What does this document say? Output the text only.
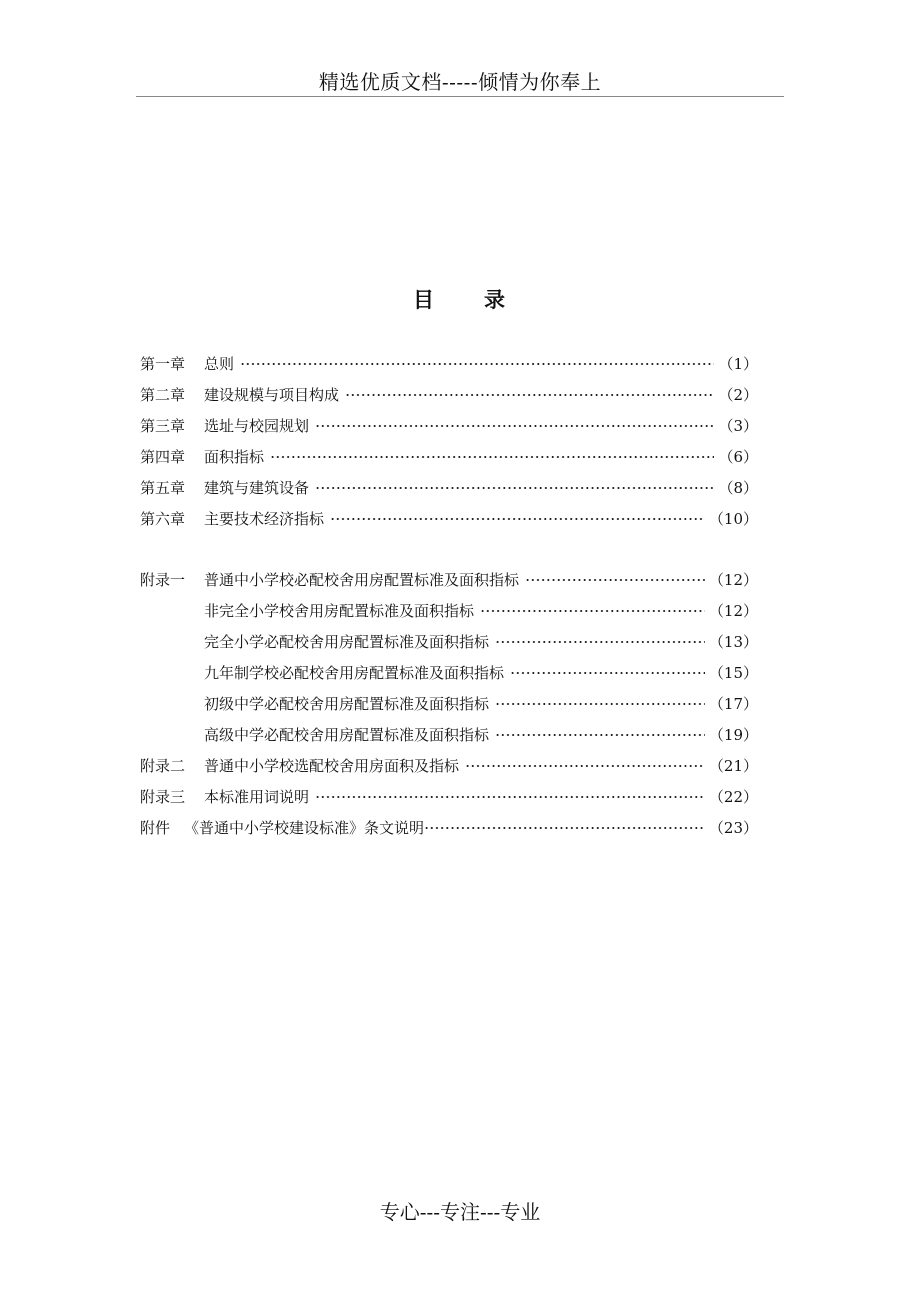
精选优质文档-----倾情为你奉上
目 录
第一章	总则	（1）
第二章	建设规模与项目构成	（2）
第三章	选址与校园规划	（3）
第四章	面积指标	（6）
第五章	建筑与建筑设备	（8）
第六章	主要技术经济指标	（10）
附录一	普通中小学校必配校舍用房配置标准及面积指标	（12）
非完全小学校舍用房配置标准及面积指标	（12）
完全小学必配校舍用房配置标准及面积指标	（13）
九年制学校必配校舍用房配置标准及面积指标	（15）
初级中学必配校舍用房配置标准及面积指标	（17）
高级中学必配校舍用房配置标准及面积指标	（19）
附录二	普通中小学校选配校舍用房面积及指标	（21）
附录三	本标准用词说明	（22）
附件 《普通中小学校建设标准》条文说明	（23）
专心---专注---专业
